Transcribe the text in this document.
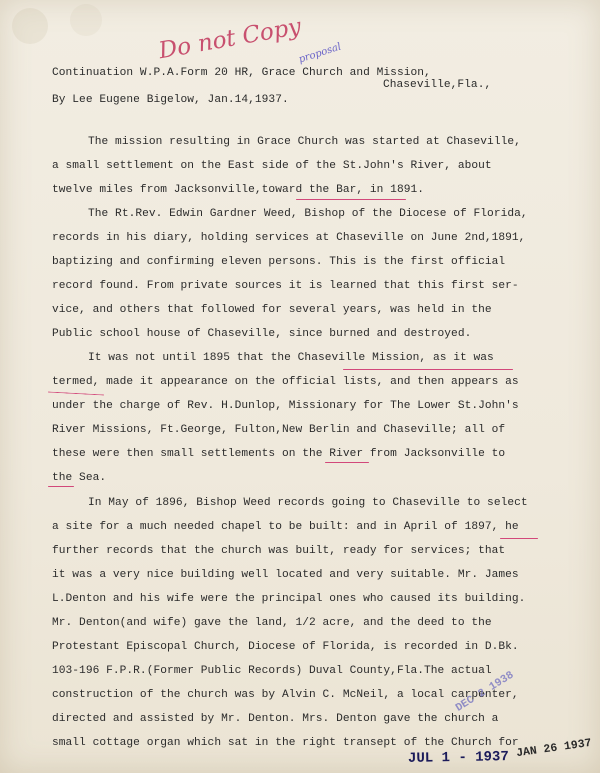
Do not Copy
proposal
Continuation W.P.A.Form 20 HR, Grace Church and Mission,
Chaseville,Fla.,
By Lee Eugene Bigelow, Jan.14,1937.
The mission resulting in Grace Church was started at Chaseville,
a small settlement on the East side of the St.John's River, about
twelve miles from Jacksonville,toward the Bar, in 1891.
The Rt.Rev. Edwin Gardner Weed, Bishop of the Diocese of Florida,
records in his diary, holding services at Chaseville on June 2nd,1891,
baptizing and confirming eleven persons. This is the first official
record found. From private sources it is learned that this first ser-
vice, and others that followed for several years, was held in the
Public school house of Chaseville, since burned and destroyed.
It was not until 1895 that the Chaseville Mission, as it was
termed, made it appearance on the official lists, and then appears as
under the charge of Rev. H.Dunlop, Missionary for The Lower St.John's
River Missions, Ft.George, Fulton,New Berlin and Chaseville; all of
these were then small settlements on the River from Jacksonville to
the Sea.
In May of 1896, Bishop Weed records going to Chaseville to select
a site for a much needed chapel to be built: and in April of 1897, he
further records that the church was built, ready for services; that
it was a very nice building well located and very suitable. Mr. James
L.Denton and his wife were the principal ones who caused its building.
Mr. Denton(and wife) gave the land, 1/2 acre, and the deed to the
Protestant Episcopal Church, Diocese of Florida, is recorded in D.Bk.
103-196 F.P.R.(Former Public Records) Duval County,Fla.The actual
construction of the church was by Alvin C. McNeil, a local carpenter,
directed and assisted by Mr. Denton. Mrs. Denton gave the church a
small cottage organ which sat in the right transept of the Church for
DEC 2 1938
JUL 1 - 1937 JAN 26 1937
